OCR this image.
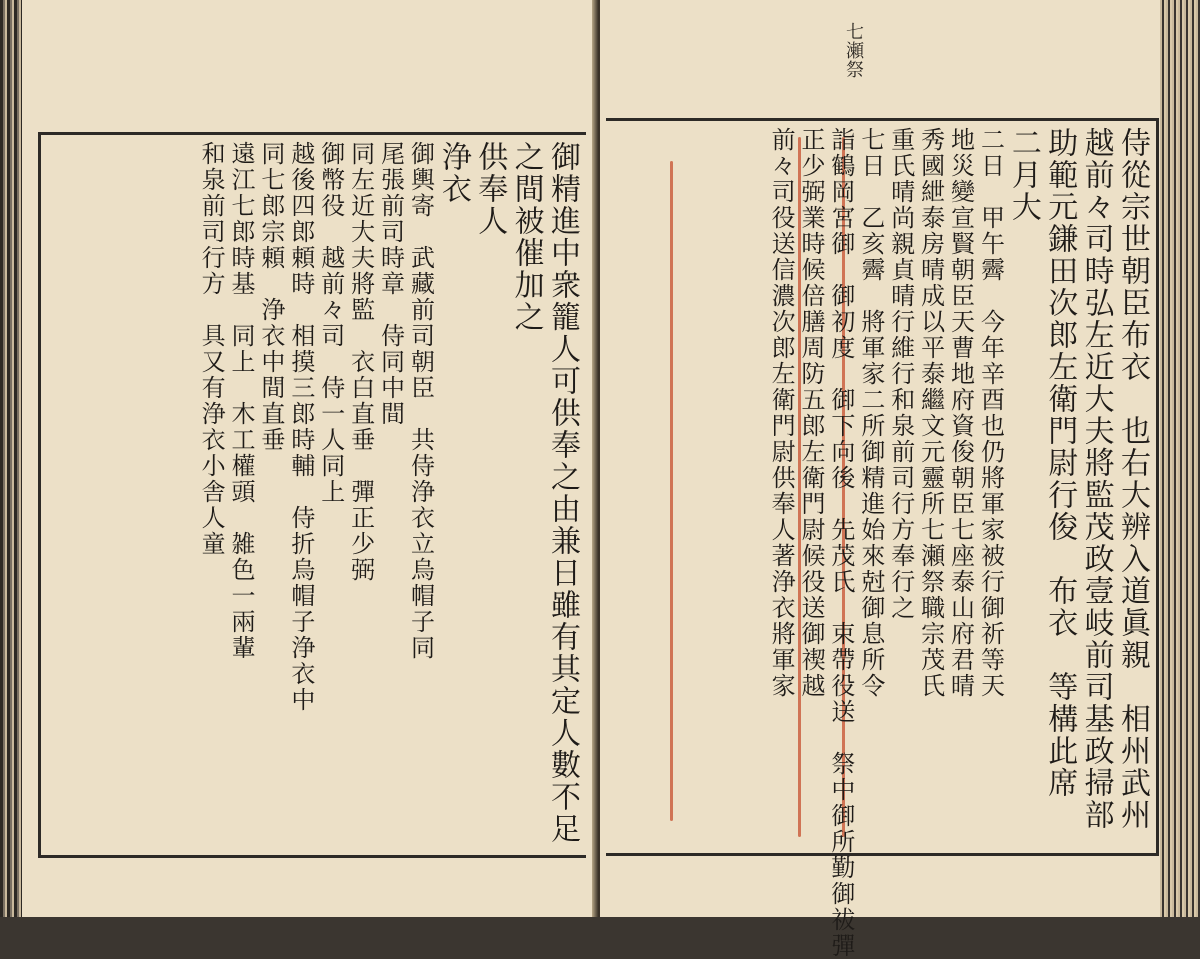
御精進中衆籠人可供奉之由兼日雖有其定人數不足
之間被催加之
供奉人
浄衣
御輿寄　武藏前司朝臣　共侍浄衣立烏帽子同
尾張前司時章　侍同中間
同左近大夫將監　衣白直垂　彈正少弼
御幣役　越前々司　侍一人同上
越後四郎頼時　相摸三郎時輔　侍折烏帽子浄衣中
同七郎宗頼　浄衣中間直垂
遠江七郎時基　同上　木工權頭　雑色一兩輩
和泉前司行方　具又有浄衣小舎人童
七瀬祭
侍從宗世朝臣布衣　也右大辨入道眞親　相州武州
越前々司時弘左近大夫將監茂政壹岐前司基政掃部
助範元鎌田次郎左衛門尉行俊　布衣　等構此席
二月大
二日　甲午霽　今年辛酉也仍將軍家被行御祈等天
地災變宣賢朝臣天曹地府資俊朝臣七座泰山府君晴
秀國紲泰房晴成以平泰繼文元靈所七瀬祭職宗茂氏
重氏晴尚親貞晴行維行和泉前司行方奉行之
七日　乙亥霽　將軍家二所御精進始來尅御息所令
詣鶴岡宮御　御初度　御下向後　先茂氏　束帶役送　祭中御所勤御祓彈
正少弼業時候倍膳周防五郎左衛門尉候役送御禊越
前々司役送信濃次郎左衛門尉供奉人著浄衣將軍家
